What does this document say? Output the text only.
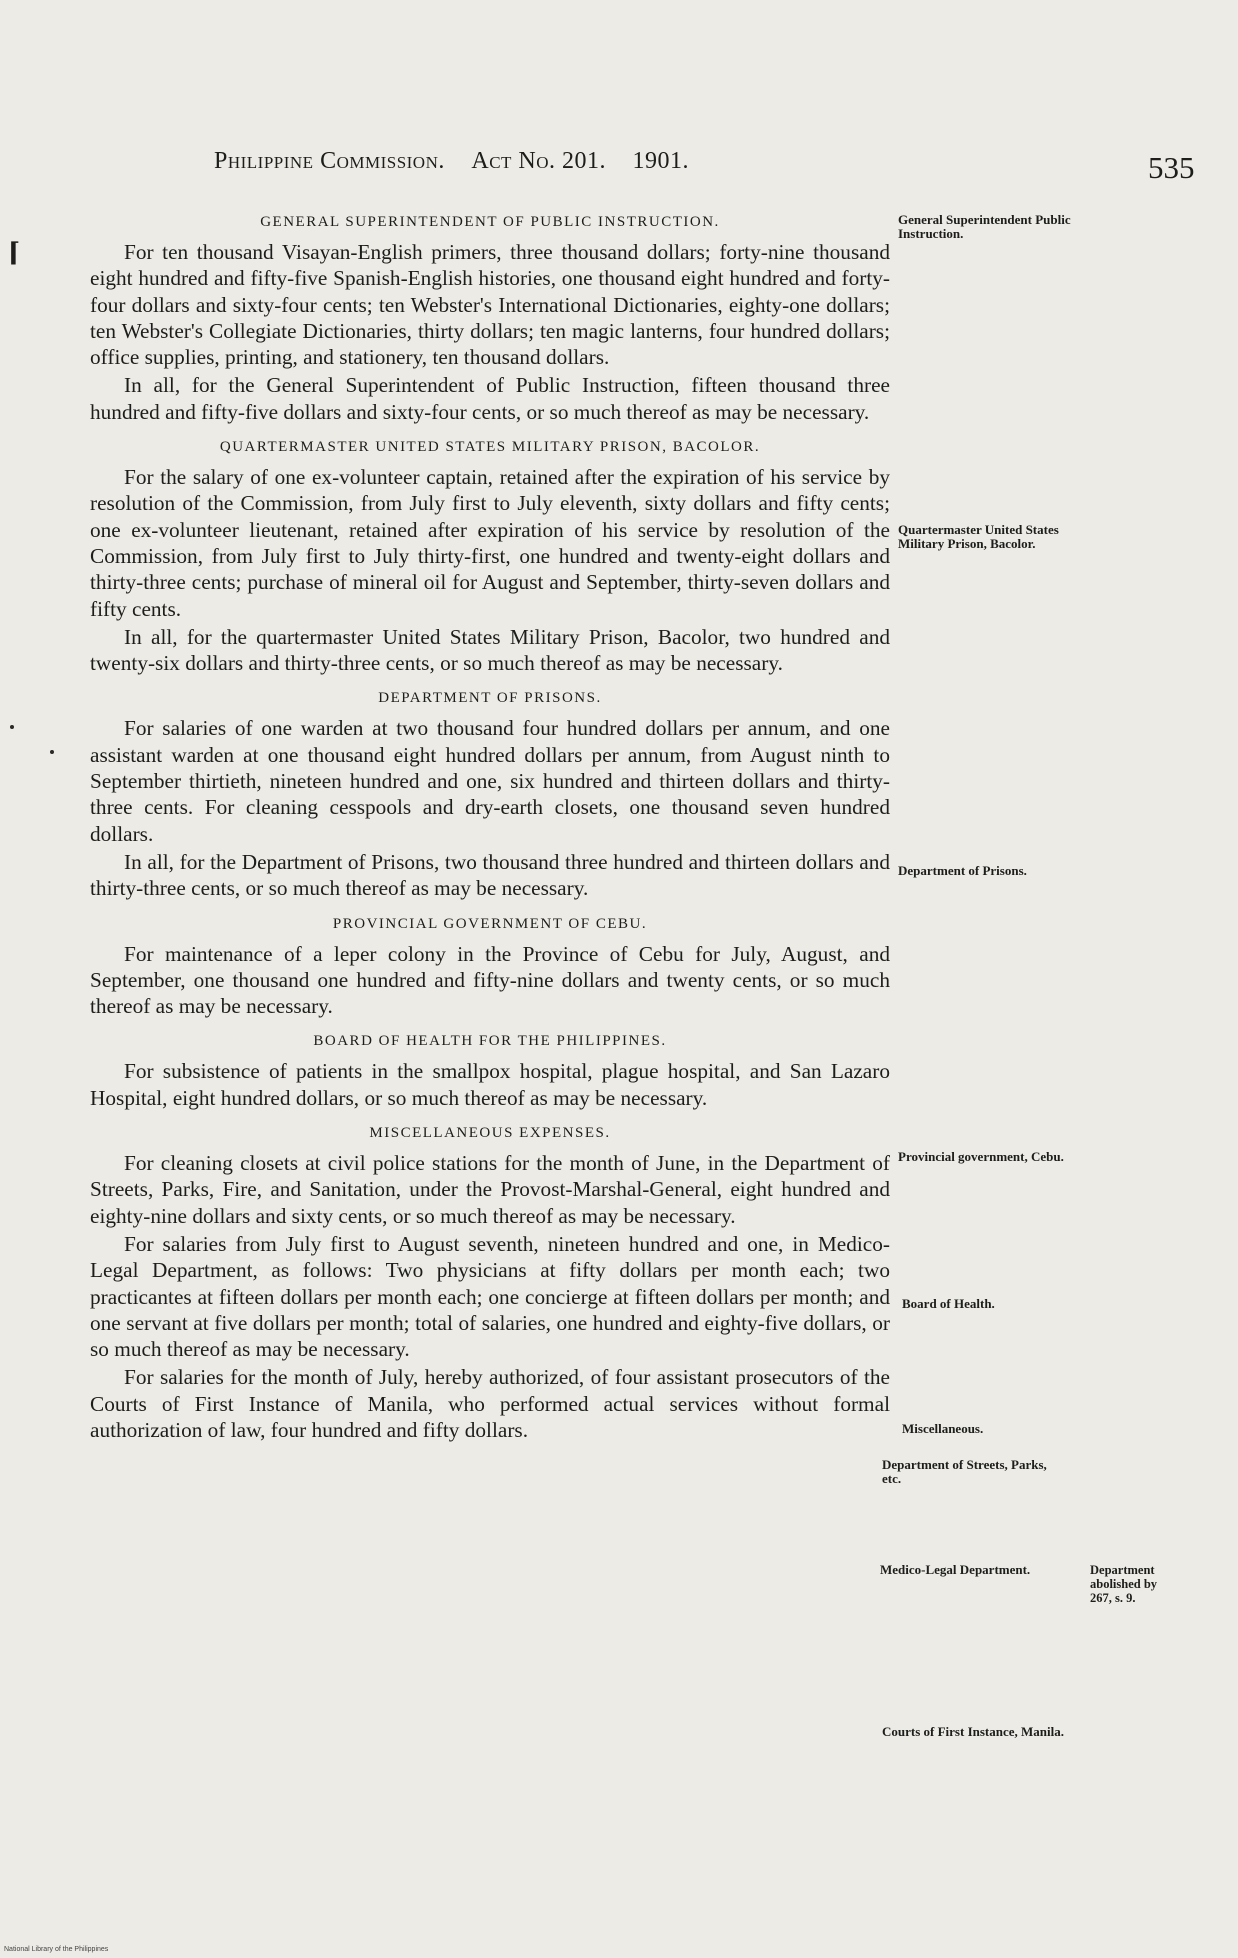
Philippine Commission. Act No. 201. 1901.	535
⌈
GENERAL SUPERINTENDENT OF PUBLIC INSTRUCTION.

For ten thousand Visayan-English primers, three thousand dollars; forty-nine thousand eight hundred and fifty-five Spanish-English histories, one thousand eight hundred and forty-four dollars and sixty-four cents; ten Webster's International Dictionaries, eighty-one dollars; ten Webster's Collegiate Dictionaries, thirty dollars; ten magic lanterns, four hundred dollars; office supplies, printing, and stationery, ten thousand dollars.

In all, for the General Superintendent of Public Instruction, fifteen thousand three hundred and fifty-five dollars and sixty-four cents, or so much thereof as may be necessary.

QUARTERMASTER UNITED STATES MILITARY PRISON, BACOLOR.

For the salary of one ex-volunteer captain, retained after the expiration of his service by resolution of the Commission, from July first to July eleventh, sixty dollars and fifty cents; one ex-volunteer lieutenant, retained after expiration of his service by resolution of the Commission, from July first to July thirty-first, one hundred and twenty-eight dollars and thirty-three cents; purchase of mineral oil for August and September, thirty-seven dollars and fifty cents.

In all, for the quartermaster United States Military Prison, Bacolor, two hundred and twenty-six dollars and thirty-three cents, or so much thereof as may be necessary.

DEPARTMENT OF PRISONS.

For salaries of one warden at two thousand four hundred dollars per annum, and one assistant warden at one thousand eight hundred dollars per annum, from August ninth to September thirtieth, nineteen hundred and one, six hundred and thirteen dollars and thirty-three cents. For cleaning cesspools and dry-earth closets, one thousand seven hundred dollars.

In all, for the Department of Prisons, two thousand three hundred and thirteen dollars and thirty-three cents, or so much thereof as may be necessary.

PROVINCIAL GOVERNMENT OF CEBU.

For maintenance of a leper colony in the Province of Cebu for July, August, and September, one thousand one hundred and fifty-nine dollars and twenty cents, or so much thereof as may be necessary.

BOARD OF HEALTH FOR THE PHILIPPINES.

For subsistence of patients in the smallpox hospital, plague hospital, and San Lazaro Hospital, eight hundred dollars, or so much thereof as may be necessary.

MISCELLANEOUS EXPENSES.

For cleaning closets at civil police stations for the month of June, in the Department of Streets, Parks, Fire, and Sanitation, under the Provost-Marshal-General, eight hundred and eighty-nine dollars and sixty cents, or so much thereof as may be necessary.

For salaries from July first to August seventh, nineteen hundred and one, in Medico-Legal Department, as follows: Two physicians at fifty dollars per month each; two practicantes at fifteen dollars per month each; one concierge at fifteen dollars per month; and one servant at five dollars per month; total of salaries, one hundred and eighty-five dollars, or so much thereof as may be necessary.

For salaries for the month of July, hereby authorized, of four assistant prosecutors of the Courts of First Instance of Manila, who performed actual services without formal authorization of law, four hundred and fifty dollars.

General Superintendent Public Instruction.
Quartermaster United States Military Prison, Bacolor.
Department of Prisons.
Provincial government, Cebu.
Board of Health.
Miscellaneous.
Department of Streets, Parks, etc.
Medico-Legal Department.	Department abolished by 267, s. 9.
Courts of First Instance, Manila.
National Library of the Philippines
